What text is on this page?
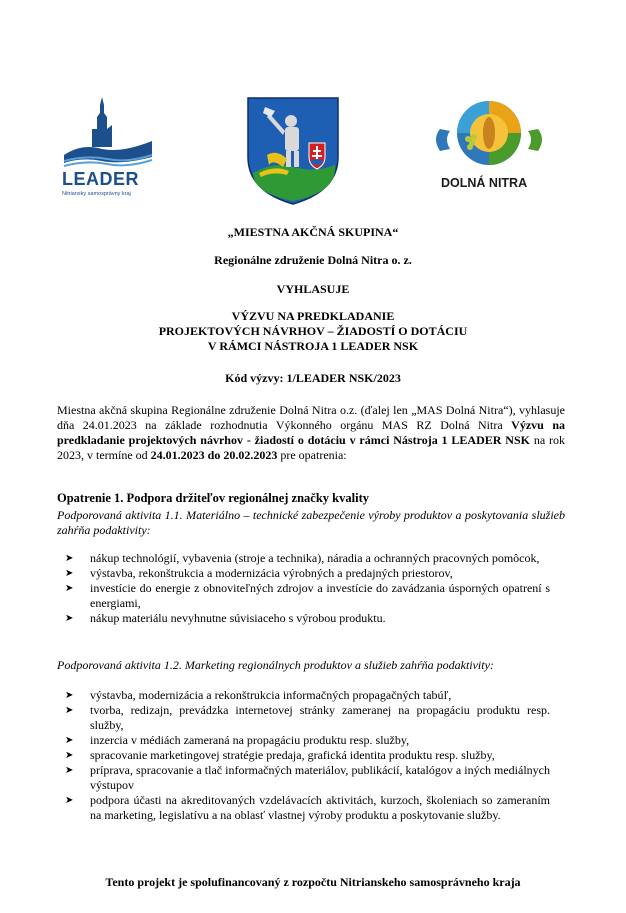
LEADER
Nitriansky samosprávny kraj
DOLNÁ NITRA
„MIESTNA AKČNÁ SKUPINA“
Regionálne združenie Dolná Nitra o. z.
VYHLASUJE
VÝZVU NA PREDKLADANIE
PROJEKTOVÝCH NÁVRHOV – ŽIADOSTÍ O DOTÁCIU
V RÁMCI NÁSTROJA 1 LEADER NSK
Kód výzvy: 1/LEADER NSK/2023
Miestna akčná skupina Regionálne združenie Dolná Nitra o.z. (ďalej len „MAS Dolná Nitra“), vyhlasuje dňa 24.01.2023 na základe rozhodnutia Výkonného orgánu MAS RZ Dolná Nitra Výzvu na predkladanie projektových návrhov - žiadostí o dotáciu v rámci Nástroja 1 LEADER NSK na rok 2023, v termíne od 24.01.2023 do 20.02.2023 pre opatrenia:
Opatrenie 1. Podpora držiteľov regionálnej značky kvality
Podporovaná aktivita 1.1. Materiálno – technické zabezpečenie výroby produktov a poskytovania služieb zahŕňa podaktivity:
➤ nákup technológií, vybavenia (stroje a technika), náradia a ochranných pracovných pomôcok,
➤ výstavba, rekonštrukcia a modernizácia výrobných a predajných priestorov,
➤ investície do energie z obnoviteľných zdrojov a investície do zavádzania úsporných opatrení s energiami,
➤ nákup materiálu nevyhnutne súvisiaceho s výrobou produktu.
Podporovaná aktivita 1.2. Marketing regionálnych produktov a služieb zahŕňa podaktivity:
➤ výstavba, modernizácia a rekonštrukcia informačných propagačných tabúľ,
➤ tvorba, redizajn, prevádzka internetovej stránky zameranej na propagáciu produktu resp. služby,
➤ inzercia v médiách zameraná na propagáciu produktu resp. služby,
➤ spracovanie marketingovej stratégie predaja, grafická identita produktu resp. služby,
➤ príprava, spracovanie a tlač informačných materiálov, publikácií, katalógov a iných mediálnych výstupov
➤ podpora účasti na akreditovaných vzdelávacích aktivitách, kurzoch, školeniach so zameraním na marketing, legislatívu a na oblasť vlastnej výroby produktu a poskytovanie služby.
Tento projekt je spolufinancovaný z rozpočtu Nitrianskeho samosprávneho kraja
